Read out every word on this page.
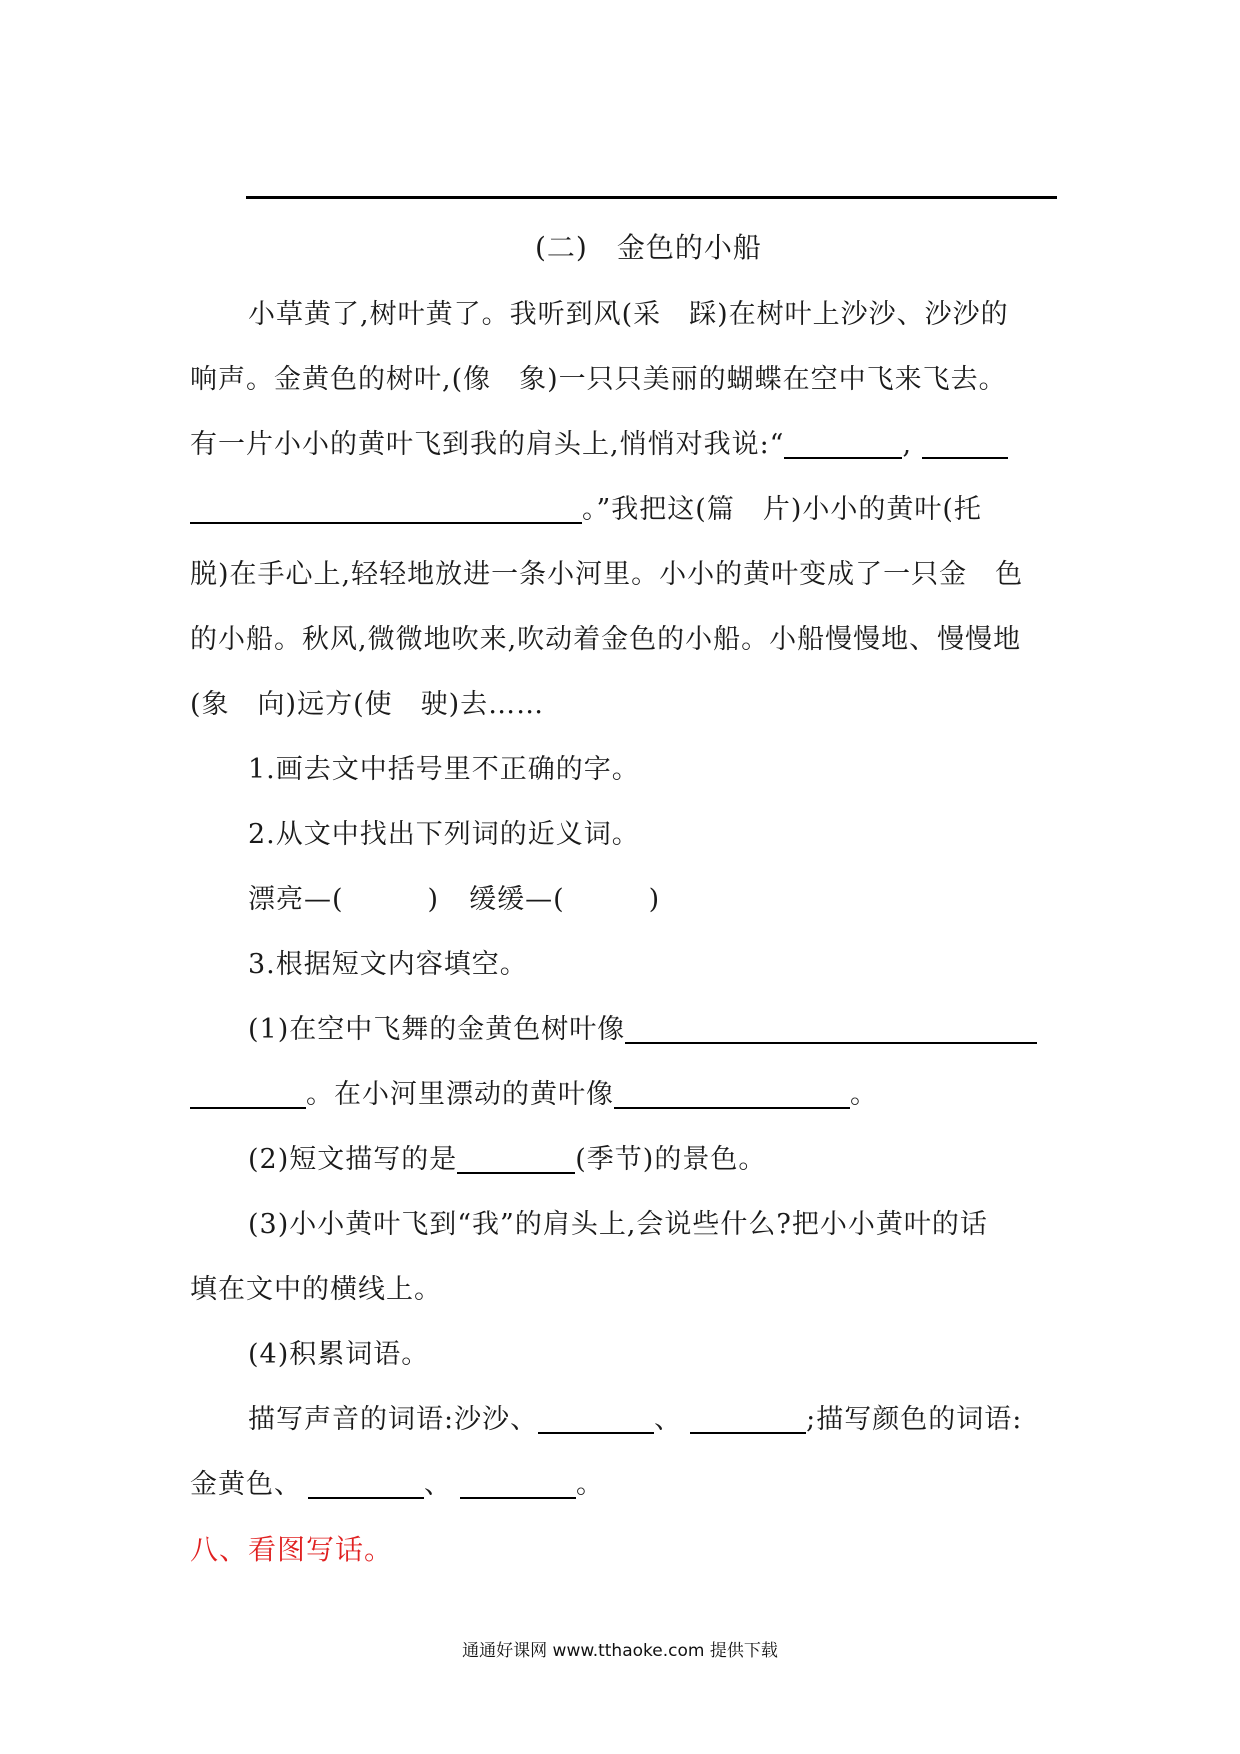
(二)　金色的小船
小草黄了,树叶黄了。我听到风(采　踩)在树叶上沙沙、沙沙的
响声。金黄色的树叶,(像　象)一只只美丽的蝴蝶在空中飞来飞去。
有一片小小的黄叶飞到我的肩头上,悄悄对我说:“	,
。”我把这(篇　片)小小的黄叶(托
脱)在手心上,轻轻地放进一条小河里。小小的黄叶变成了一只金　色
的小船。秋风,微微地吹来,吹动着金色的小船。小船慢慢地、慢慢地
(象　向)远方(使　驶)去……
1.画去文中括号里不正确的字。
2.从文中找出下列词的近义词。
漂亮—(	) 缓缓—(	)
3.根据短文内容填空。
(1)在空中飞舞的金黄色树叶像
。在小河里漂动的黄叶像	。
(2)短文描写的是	(季节)的景色。
(3)小小黄叶飞到“我”的肩头上,会说些什么?把小小黄叶的话
填在文中的横线上。
(4)积累词语。
描写声音的词语:沙沙、	、	;描写颜色的词语:
金黄色、	、	。
八、看图写话。
通通好课网 www.tthaoke.com 提供下载
